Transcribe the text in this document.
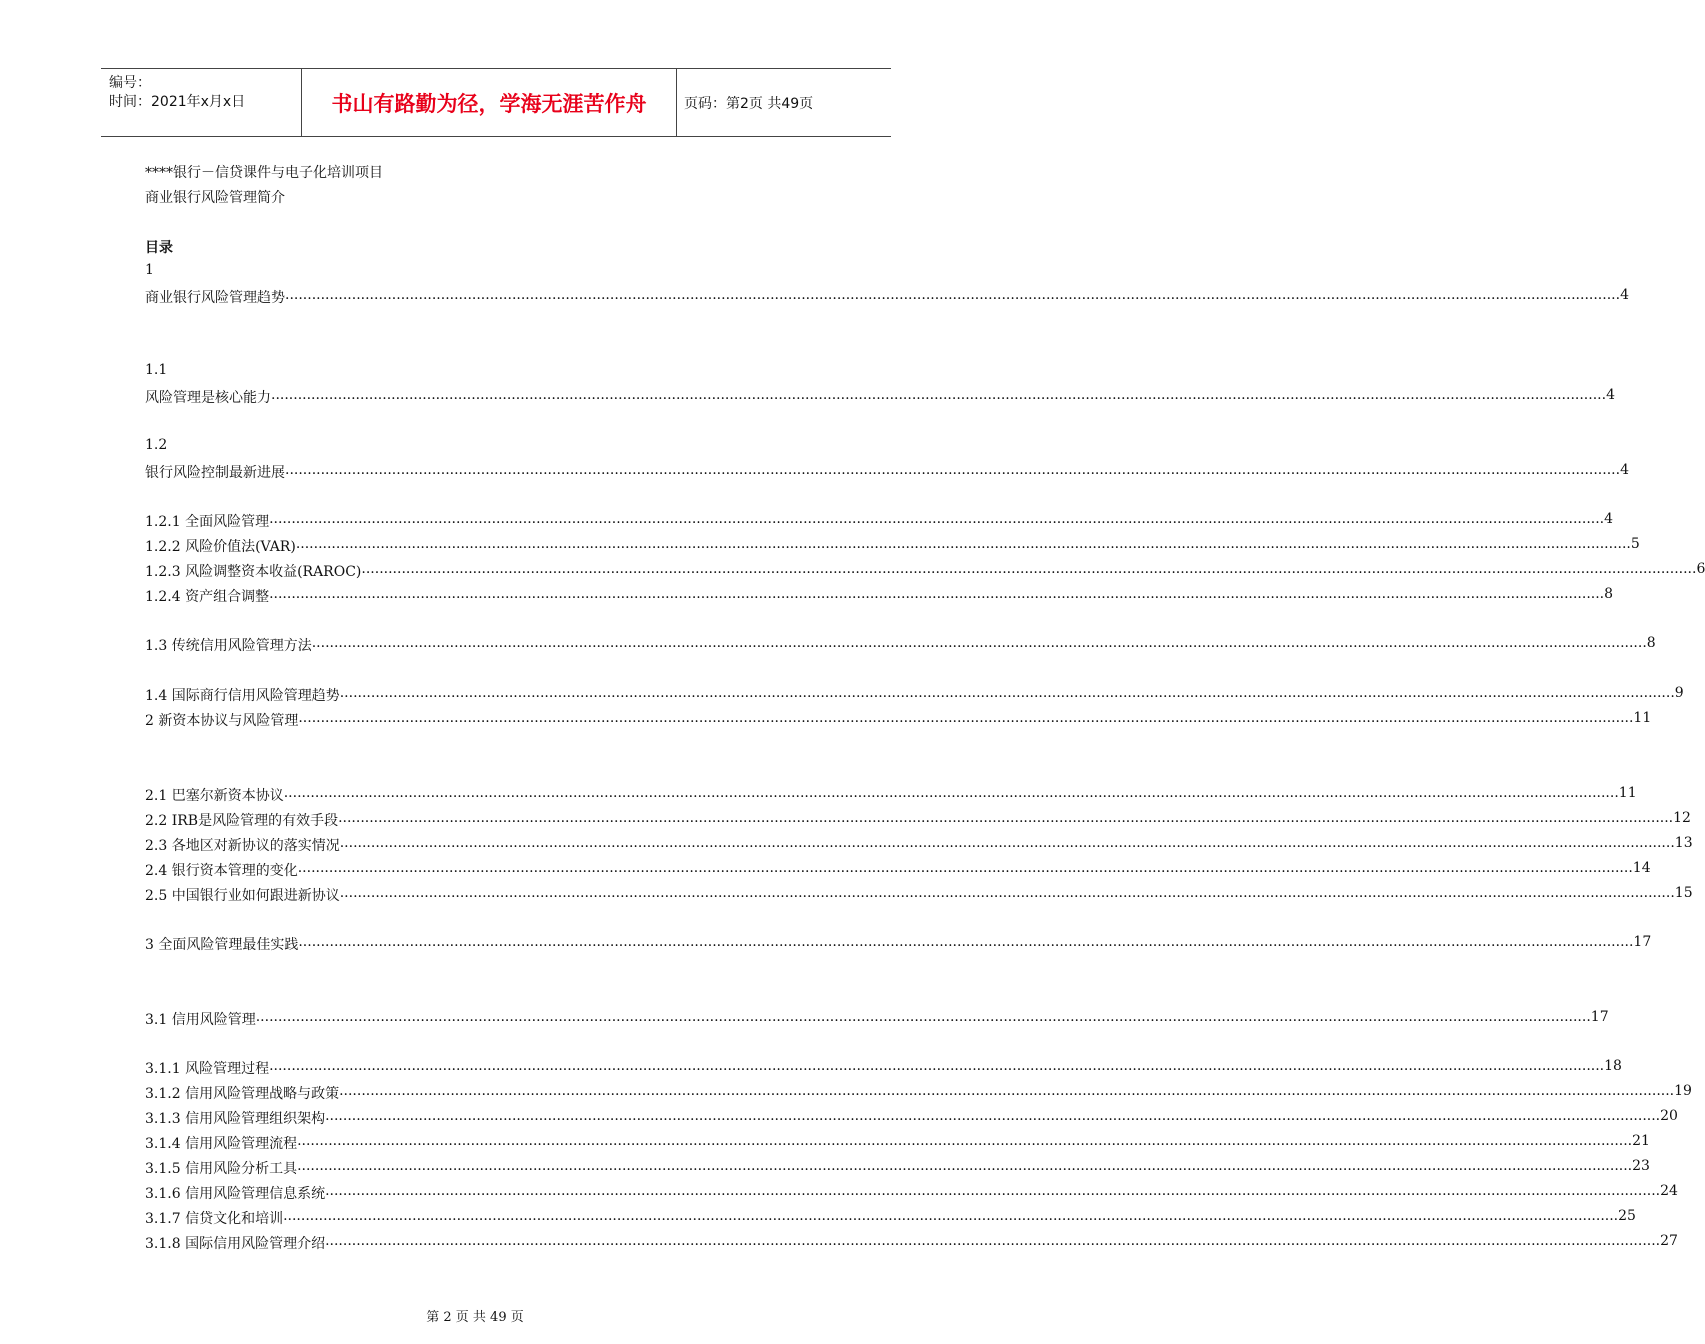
编号：
时间：2021年x月x日	书山有路勤为径，学海无涯苦作舟	页码：第2页 共49页
****银行－信贷课件与电子化培训项目
商业银行风险管理简介
目录
1
商业银行风险管理趋势 ............................................................................................................................................................................................................................................................................................................ 4
1.1
风险管理是核心能力 ............................................................................................................................................................................................................................................................................................................ 4
1.2
银行风险控制最新进展 ............................................................................................................................................................................................................................................................................................................ 4
1.2.1 全面风险管理 ............................................................................................................................................................................................................................................................................................................ 4
1.2.2 风险价值法(VAR) ............................................................................................................................................................................................................................................................................................................ 5
1.2.3 风险调整资本收益(RAROC) ............................................................................................................................................................................................................................................................................................................ 6
1.2.4 资产组合调整 ............................................................................................................................................................................................................................................................................................................ 8
1.3 传统信用风险管理方法 ............................................................................................................................................................................................................................................................................................................ 8
1.4 国际商行信用风险管理趋势 ............................................................................................................................................................................................................................................................................................................ 9
2 新资本协议与风险管理 ............................................................................................................................................................................................................................................................................................................ 11
2.1 巴塞尔新资本协议 ............................................................................................................................................................................................................................................................................................................ 11
2.2 IRB是风险管理的有效手段 ............................................................................................................................................................................................................................................................................................................ 12
2.3 各地区对新协议的落实情况 ............................................................................................................................................................................................................................................................................................................ 13
2.4 银行资本管理的变化 ............................................................................................................................................................................................................................................................................................................ 14
2.5 中国银行业如何跟进新协议 ............................................................................................................................................................................................................................................................................................................ 15
3 全面风险管理最佳实践 ............................................................................................................................................................................................................................................................................................................ 17
3.1 信用风险管理 ............................................................................................................................................................................................................................................................................................................ 17
3.1.1 风险管理过程 ............................................................................................................................................................................................................................................................................................................ 18
3.1.2 信用风险管理战略与政策 ............................................................................................................................................................................................................................................................................................................ 19
3.1.3 信用风险管理组织架构 ............................................................................................................................................................................................................................................................................................................ 20
3.1.4 信用风险管理流程 ............................................................................................................................................................................................................................................................................................................ 21
3.1.5 信用风险分析工具 ............................................................................................................................................................................................................................................................................................................ 23
3.1.6 信用风险管理信息系统 ............................................................................................................................................................................................................................................................................................................ 24
3.1.7 信贷文化和培训 ............................................................................................................................................................................................................................................................................................................ 25
3.1.8 国际信用风险管理介绍 ............................................................................................................................................................................................................................................................................................................ 27
第 2 页 共 49 页
